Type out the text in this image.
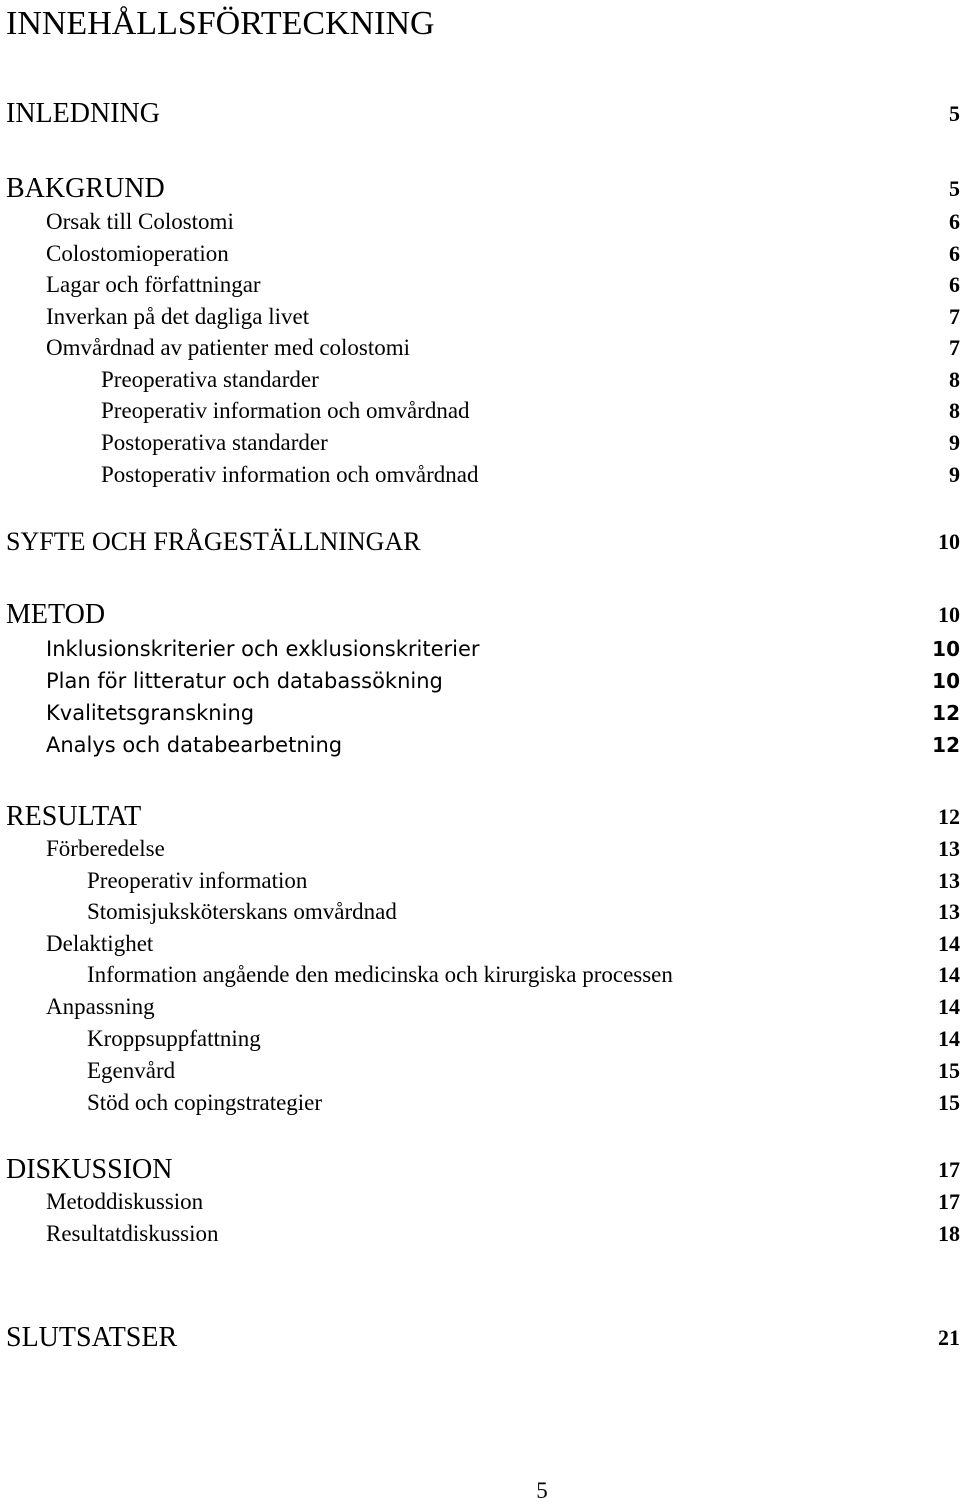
INNEHÅLLSFÖRTECKNING
INLEDNING	5
BAKGRUND	5
Orsak till Colostomi	6
Colostomioperation	6
Lagar och författningar	6
Inverkan på det dagliga livet	7
Omvårdnad av patienter med colostomi	7
Preoperativa standarder	8
Preoperativ information och omvårdnad	8
Postoperativa standarder	9
Postoperativ information och omvårdnad	9
SYFTE OCH FRÅGESTÄLLNINGAR	10
METOD	10
Inklusionskriterier och exklusionskriterier	10
Plan för litteratur och databassökning	10
Kvalitetsgranskning	12
Analys och databearbetning	12
RESULTAT	12
Förberedelse	13
Preoperativ information	13
Stomisjuksköterskans omvårdnad	13
Delaktighet	14
Information angående den medicinska och kirurgiska processen	14
Anpassning	14
Kroppsuppfattning	14
Egenvård	15
Stöd och copingstrategier	15
DISKUSSION	17
Metoddiskussion	17
Resultatdiskussion	18
SLUTSATSER	21
5
